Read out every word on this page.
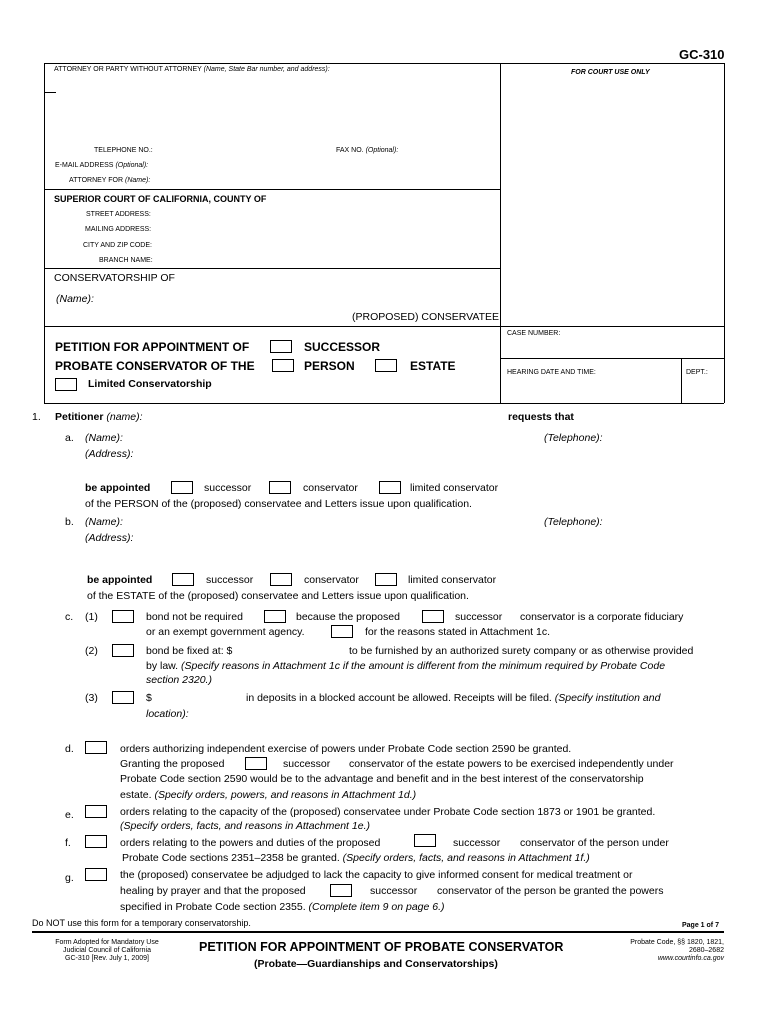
GC-310
ATTORNEY OR PARTY WITHOUT ATTORNEY (Name, State Bar number, and address):	FOR COURT USE ONLY
TELEPHONE NO.:	FAX NO. (Optional):
E-MAIL ADDRESS (Optional):
ATTORNEY FOR (Name):
SUPERIOR COURT OF CALIFORNIA, COUNTY OF
STREET ADDRESS:
MAILING ADDRESS:
CITY AND ZIP CODE:
BRANCH NAME:
CONSERVATORSHIP OF
(Name):
(PROPOSED) CONSERVATEE
CASE NUMBER:
HEARING DATE AND TIME:	DEPT.:
PETITION FOR APPOINTMENT OF	SUCCESSOR
PROBATE CONSERVATOR OF THE	PERSON	ESTATE
Limited Conservatorship
1. Petitioner (name):	requests that
a. (Name):
(Address):
(Telephone):
be appointed	successor	conservator	limited conservator
of the PERSON of the (proposed) conservatee and Letters issue upon qualification.
b. (Name):
(Address):
(Telephone):
be appointed	successor	conservator	limited conservator
of the ESTATE of the (proposed) conservatee and Letters issue upon qualification.
c. (1)	bond not be required	because the proposed	successor conservator is a corporate fiduciary
or an exempt government agency.	for the reasons stated in Attachment 1c.
(2)	bond be fixed at: $	to be furnished by an authorized surety company or as otherwise provided
by law. (Specify reasons in Attachment 1c if the amount is different from the minimum required by Probate Code
section 2320.)
(3)	$	in deposits in a blocked account be allowed. Receipts will be filed. (Specify institution and
location):
d.	orders authorizing independent exercise of powers under Probate Code section 2590 be granted.
Granting the proposed	successor conservator of the estate powers to be exercised independently under
Probate Code section 2590 would be to the advantage and benefit and in the best interest of the conservatorship
estate. (Specify orders, powers, and reasons in Attachment 1d.)
e.	orders relating to the capacity of the (proposed) conservatee under Probate Code section 1873 or 1901 be granted.
(Specify orders, facts, and reasons in Attachment 1e.)
f.	orders relating to the powers and duties of the proposed	successor conservator of the person under
Probate Code sections 2351–2358 be granted. (Specify orders, facts, and reasons in Attachment 1f.)
g.	the (proposed) conservatee be adjudged to lack the capacity to give informed consent for medical treatment or
healing by prayer and that the proposed	successor conservator of the person be granted the powers
specified in Probate Code section 2355. (Complete item 9 on page 6.)
Do NOT use this form for a temporary conservatorship.	Page 1 of 7
Form Adopted for Mandatory Use
Judicial Council of California
GC-310 [Rev. July 1, 2009]
PETITION FOR APPOINTMENT OF PROBATE CONSERVATOR
(Probate—Guardianships and Conservatorships)
Probate Code, §§ 1820, 1821,
2680–2682
www.courtinfo.ca.gov
